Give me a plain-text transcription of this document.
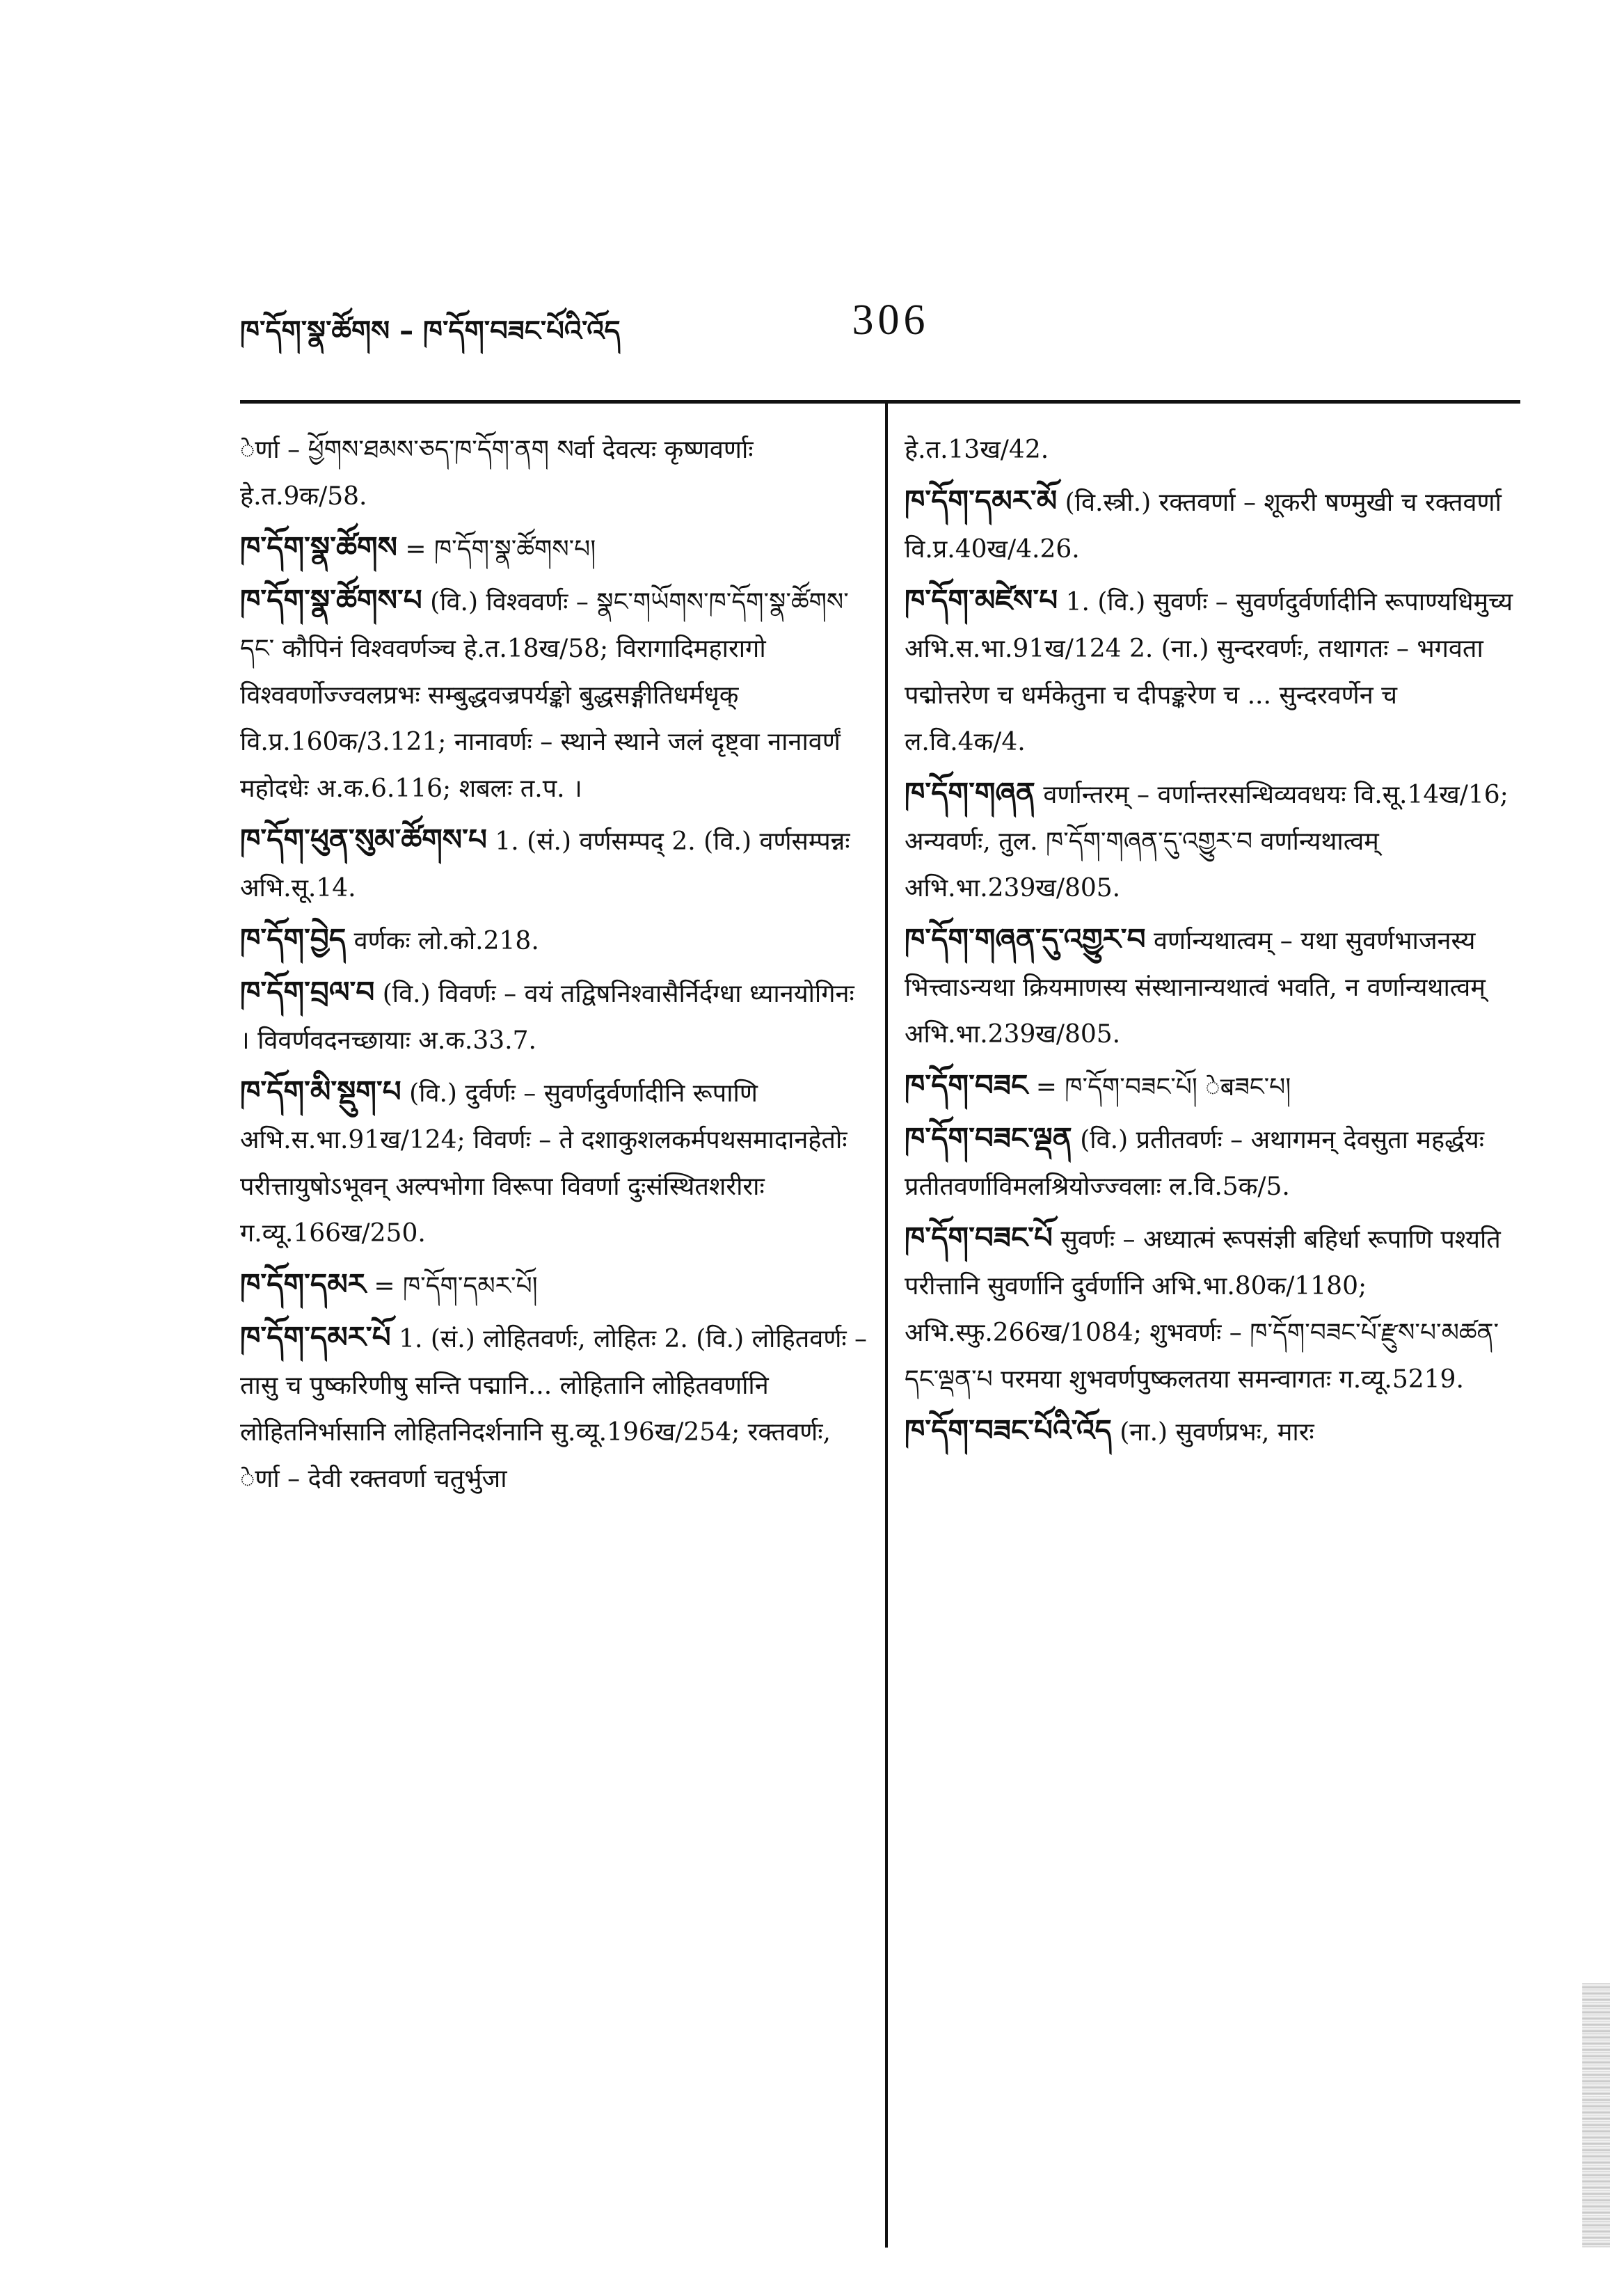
ཁ་དོག་སྣ་ཚོགས – ཁ་དོག་བཟང་པོའི་འོད	306
ेर्णा – ཕྱོགས་ཐམས་ཅད་ཁ་དོག་ནག སर्वा देवत्यः कृष्णवर्णाः हे.त.9क/58.
ཁ་དོག་སྣ་ཚོགས = ཁ་དོག་སྣ་ཚོགས་པ།
ཁ་དོག་སྣ་ཚོགས་པ (वि.) विश्ववर्णः – སྣང་གཡོགས་ཁ་དོག་སྣ་ཚོགས་དང་ कौपिनं विश्ववर्णञ्च हे.त.18ख/58; विरागादिमहारागो विश्ववर्णोज्ज्वलप्रभः सम्बुद्धवज्रपर्यङ्को बुद्धसङ्गीतिधर्मधृक् वि.प्र.160क/3.121; नानावर्णः – स्थाने स्थाने जलं दृष्ट्वा नानावर्णं महोदधेः अ.क.6.116; शबलः त.प. ।
ཁ་དོག་ཕུན་སུམ་ཚོགས་པ 1. (सं.) वर्णसम्पद् 2. (वि.) वर्णसम्पन्नः अभि.सू.14.
ཁ་དོག་བྱེད वर्णकः लो.को.218.
ཁ་དོག་བྲལ་བ (वि.) विवर्णः – वयं तद्विषनिश्वासैर्निर्दग्धा ध्यानयोगिनः । विवर्णवदनच्छायाः अ.क.33.7.
ཁ་དོག་མི་སྡུག་པ (वि.) दुर्वर्णः – सुवर्णदुर्वर्णादीनि रूपाणि अभि.स.भा.91ख/124; विवर्णः – ते दशाकुशलकर्मपथसमादानहेतोः परीत्तायुषोऽभूवन् अल्पभोगा विरूपा विवर्णा दुःसंस्थितशरीराः ग.व्यू.166ख/250.
ཁ་དོག་དམར = ཁ་དོག་དམར་པོ།
ཁ་དོག་དམར་པོ 1. (सं.) लोहितवर्णः, लोहितः 2. (वि.) लोहितवर्णः – तासु च पुष्करिणीषु सन्ति पद्मानि... लोहितानि लोहितवर्णानि लोहितनिर्भासानि लोहितनिदर्शनानि सु.व्यू.196ख/254; रक्तवर्णः, ेर्णा – देवी रक्तवर्णा चतुर्भुजा
हे.त.13ख/42.
ཁ་དོག་དམར་མོ (वि.स्त्री.) रक्तवर्णा – शूकरी षण्मुखी च रक्तवर्णा वि.प्र.40ख/4.26.
ཁ་དོག་མཛེས་པ 1. (वि.) सुवर्णः – सुवर्णदुर्वर्णादीनि रूपाण्यधिमुच्य अभि.स.भा.91ख/124 2. (ना.) सुन्दरवर्णः, तथागतः – भगवता पद्मोत्तरेण च धर्मकेतुना च दीपङ्करेण च ... सुन्दरवर्णेन च ल.वि.4क/4.
ཁ་དོག་གཞན वर्णान्तरम् – वर्णान्तरसन्धिव्यवधयः वि.सू.14ख/16; अन्यवर्णः, तुल. ཁ་དོག་གཞན་དུ་འགྱུར་བ वर्णान्यथात्वम् अभि.भा.239ख/805.
ཁ་དོག་གཞན་དུ་འགྱུར་བ वर्णान्यथात्वम् – यथा सुवर्णभाजनस्य भित्त्वाऽन्यथा क्रियमाणस्य संस्थानान्यथात्वं भवति, न वर्णान्यथात्वम् अभि.भा.239ख/805.
ཁ་དོག་བཟང = ཁ་དོག་བཟང་པོ། ेबཟང་པ།
ཁ་དོག་བཟང་ལྡན (वि.) प्रतीतवर्णः – अथागमन् देवसुता महर्द्धयः प्रतीतवर्णाविमलश्रियोज्ज्वलाः ल.वि.5क/5.
ཁ་དོག་བཟང་པོ सुवर्णः – अध्यात्मं रूपसंज्ञी बहिर्धा रूपाणि पश्यति परीत्तानि सुवर्णानि दुर्वर्णानि अभि.भा.80क/1180; अभि.स्फु.266ख/1084; शुभवर्णः – ཁ་དོག་བཟང་པོ་རྫུས་པ་མཚན་དང་ལྡན་པ परमया शुभवर्णपुष्कलतया समन्वागतः ग.व्यू.5219.
ཁ་དོག་བཟང་པོའི་འོད (ना.) सुवर्णप्रभः, मारः
